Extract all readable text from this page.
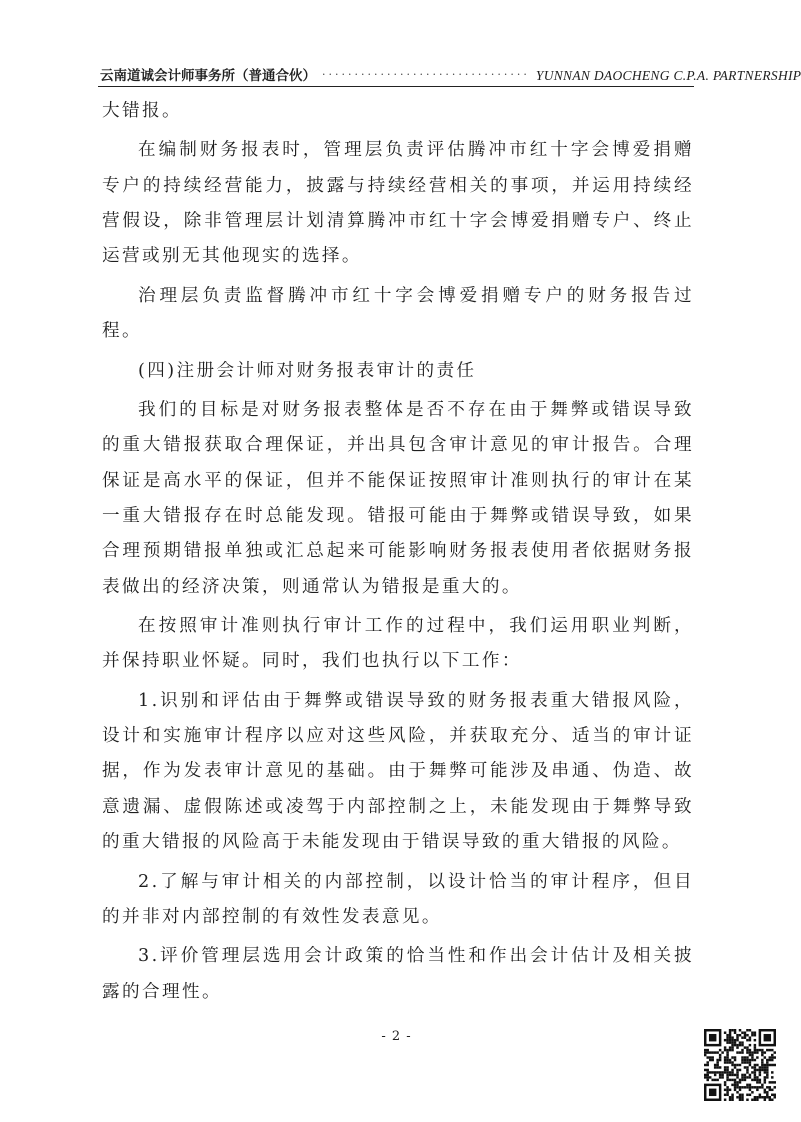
云南道诚会计师事务所（普通合伙） ································ YUNNAN DAOCHENG C.P.A. PARTNERSHIP

大错报。

在编制财务报表时，管理层负责评估腾冲市红十字会博爱捐赠专户的持续经营能力，披露与持续经营相关的事项，并运用持续经营假设，除非管理层计划清算腾冲市红十字会博爱捐赠专户、终止运营或别无其他现实的选择。

治理层负责监督腾冲市红十字会博爱捐赠专户的财务报告过程。

(四)注册会计师对财务报表审计的责任

我们的目标是对财务报表整体是否不存在由于舞弊或错误导致的重大错报获取合理保证，并出具包含审计意见的审计报告。合理保证是高水平的保证，但并不能保证按照审计准则执行的审计在某一重大错报存在时总能发现。错报可能由于舞弊或错误导致，如果合理预期错报单独或汇总起来可能影响财务报表使用者依据财务报表做出的经济决策，则通常认为错报是重大的。

在按照审计准则执行审计工作的过程中，我们运用职业判断，并保持职业怀疑。同时，我们也执行以下工作：

1.识别和评估由于舞弊或错误导致的财务报表重大错报风险，设计和实施审计程序以应对这些风险，并获取充分、适当的审计证据，作为发表审计意见的基础。由于舞弊可能涉及串通、伪造、故意遗漏、虚假陈述或凌驾于内部控制之上，未能发现由于舞弊导致的重大错报的风险高于未能发现由于错误导致的重大错报的风险。

2.了解与审计相关的内部控制，以设计恰当的审计程序，但目的并非对内部控制的有效性发表意见。

3.评价管理层选用会计政策的恰当性和作出会计估计及相关披露的合理性。

- 2 -
